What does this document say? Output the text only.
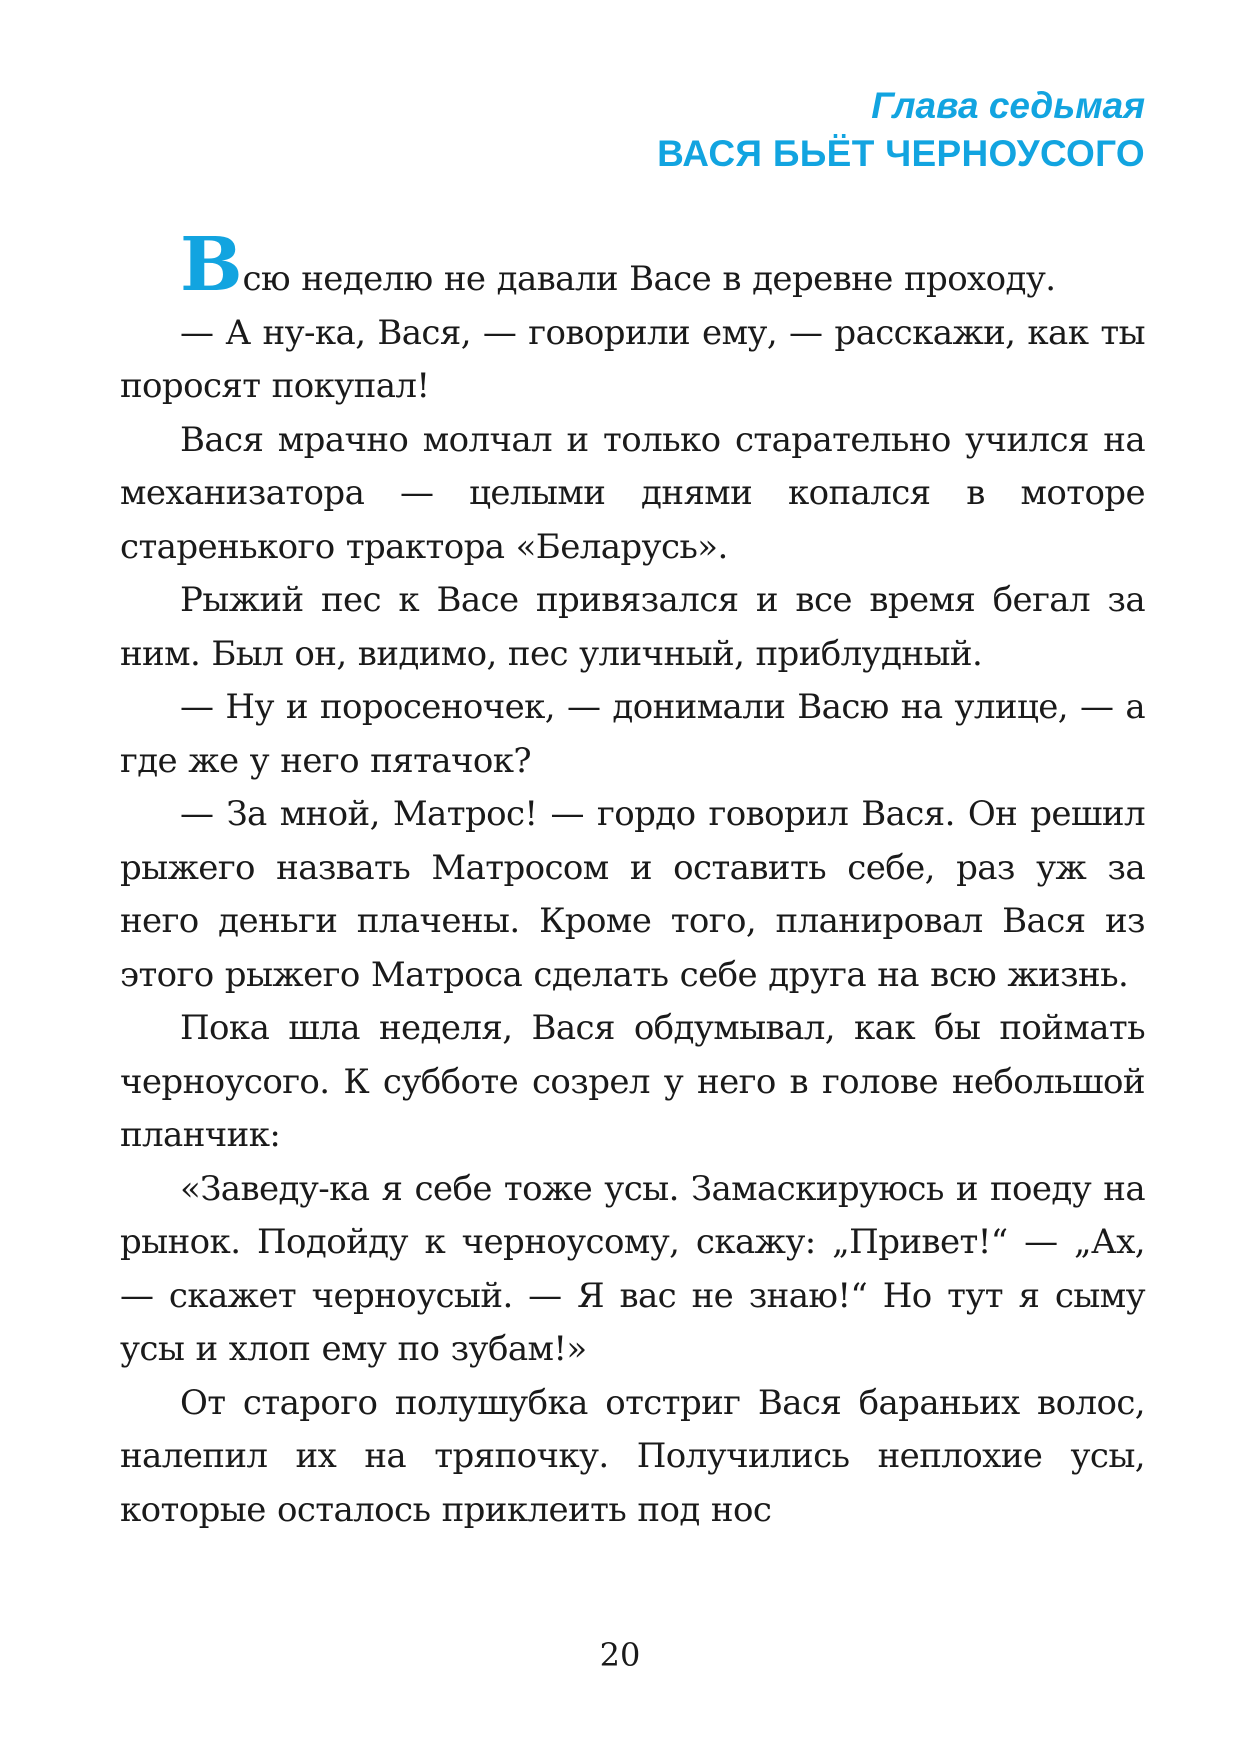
Глава седьмая
ВАСЯ БЬЁТ ЧЕРНОУСОГО

Всю неделю не давали Васе в деревне проходу.

— А ну-ка, Вася, — говорили ему, — расскажи, как ты поросят покупал!

Вася мрачно молчал и только старательно учился на механизатора — целыми днями копался в моторе старенького трактора «Беларусь».

Рыжий пес к Васе привязался и все время бегал за ним. Был он, видимо, пес уличный, приблудный.

— Ну и поросеночек, — донимали Васю на улице, — а где же у него пятачок?

— За мной, Матрос! — гордо говорил Вася. Он решил рыжего назвать Матросом и оставить себе, раз уж за него деньги плачены. Кроме того, планировал Вася из этого рыжего Матроса сделать себе друга на всю жизнь.

Пока шла неделя, Вася обдумывал, как бы поймать черноусого. К субботе созрел у него в голове небольшой планчик:

«Заведу-ка я себе тоже усы. Замаскируюсь и поеду на рынок. Подойду к черноусому, скажу: „Привет!“ — „Ах, — скажет черноусый. — Я вас не знаю!“ Но тут я сыму усы и хлоп ему по зубам!»

От старого полушубка отстриг Вася бараньих волос, налепил их на тряпочку. Получились неплохие усы, которые осталось приклеить под нос

20
